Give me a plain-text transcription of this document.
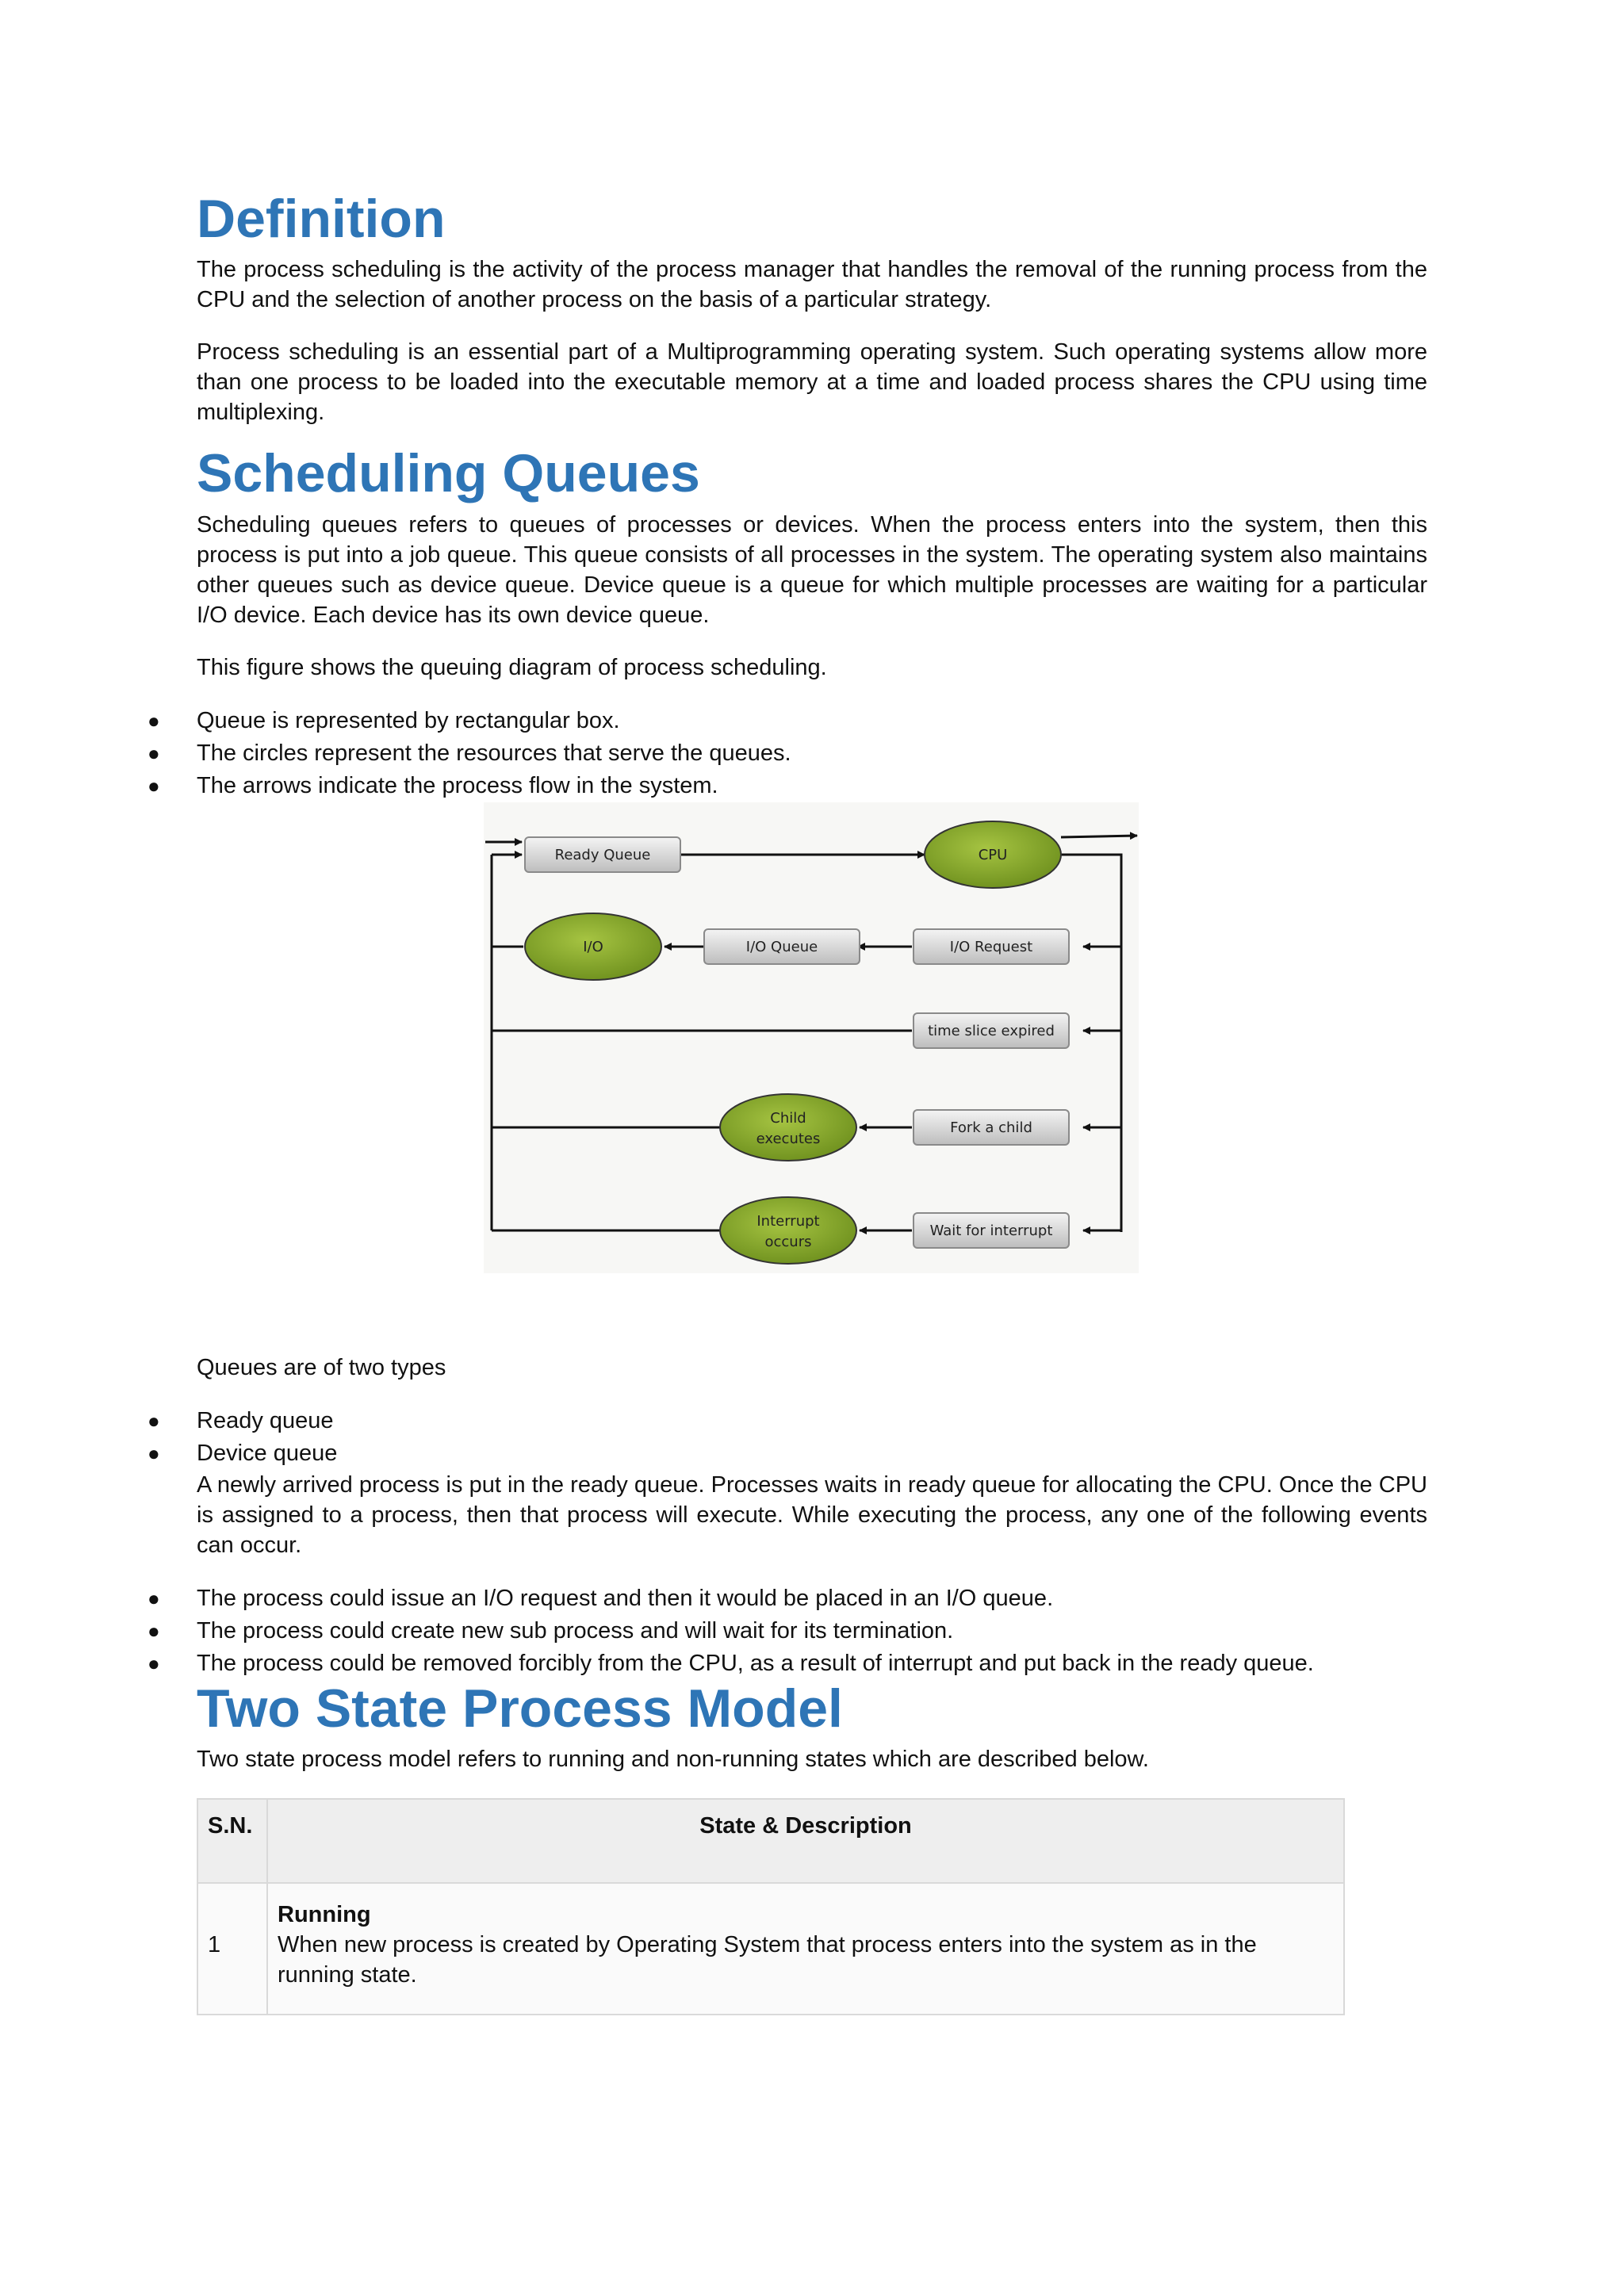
Definition

The process scheduling is the activity of the process manager that handles the removal of the running process from the CPU and the selection of another process on the basis of a particular strategy.

Process scheduling is an essential part of a Multiprogramming operating system. Such operating systems allow more than one process to be loaded into the executable memory at a time and loaded process shares the CPU using time multiplexing.

Scheduling Queues

Scheduling queues refers to queues of processes or devices. When the process enters into the system, then this process is put into a job queue. This queue consists of all processes in the system. The operating system also maintains other queues such as device queue. Device queue is a queue for which multiple processes are waiting for a particular I/O device. Each device has its own device queue.

This figure shows the queuing diagram of process scheduling.

● Queue is represented by rectangular box.
● The circles represent the resources that serve the queues.
● The arrows indicate the process flow in the system.
Ready Queue	CPU
I/O	I/O Queue	I/O Request
time slice expired
Child
executes
Fork a child
Interrupt
occurs
Wait for interrupt

Queues are of two types

● Ready queue
● Device queue

A newly arrived process is put in the ready queue. Processes waits in ready queue for allocating the CPU. Once the CPU is assigned to a process, then that process will execute. While executing the process, any one of the following events can occur.

● The process could issue an I/O request and then it would be placed in an I/O queue.
● The process could create new sub process and will wait for its termination.
● The process could be removed forcibly from the CPU, as a result of interrupt and put back in the ready queue.
Two State Process Model

Two state process model refers to running and non-running states which are described below.

S.N.	State & Description
1	Running
When new process is created by Operating System that process enters into the system as in the running state.
